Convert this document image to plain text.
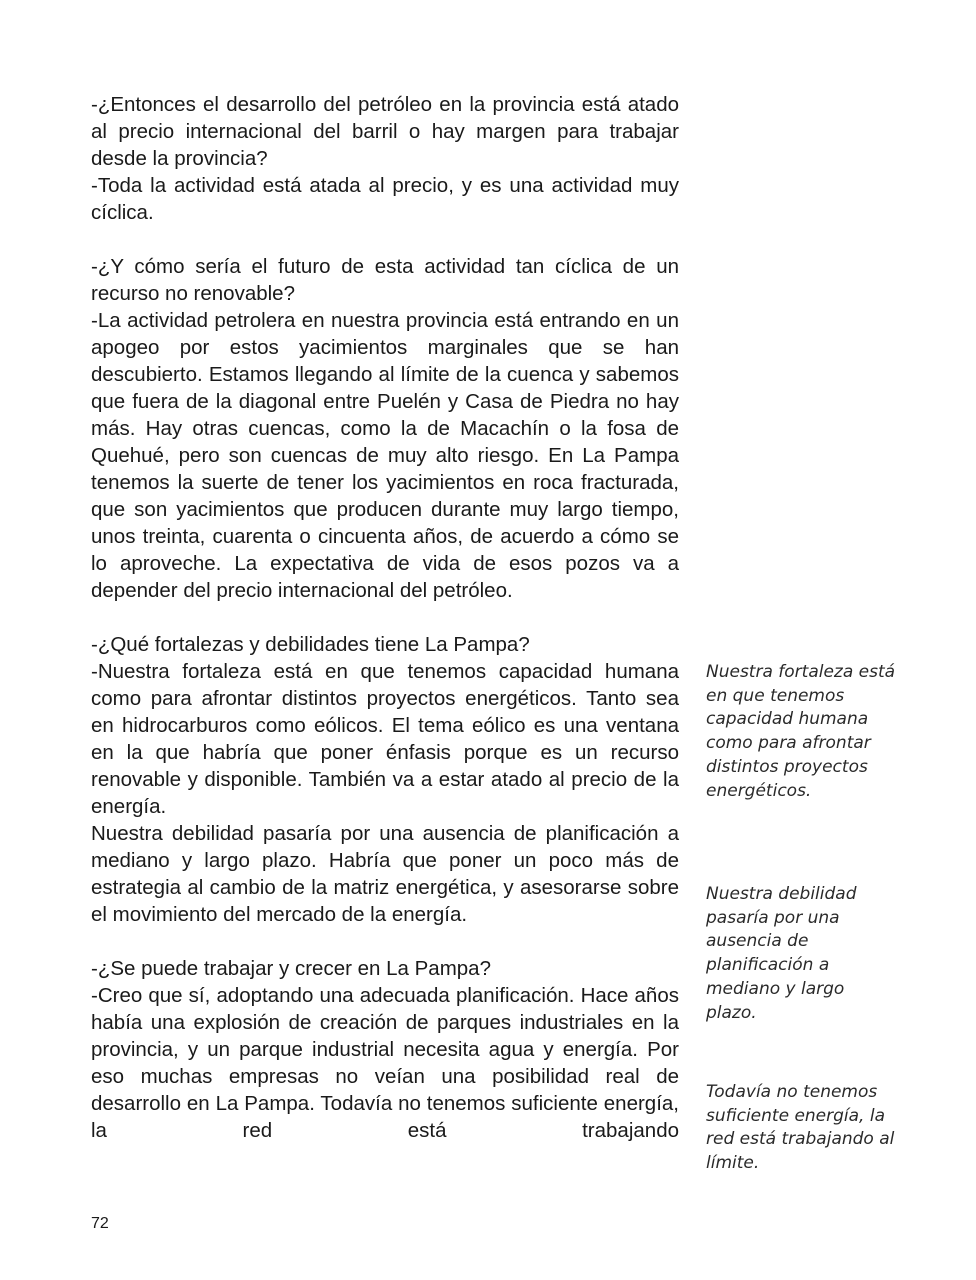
-¿Entonces el desarrollo del petróleo en la provincia está atado al precio internacional del barril o hay margen para trabajar desde la provincia?

-Toda la actividad está atada al precio, y es una actividad muy cíclica.

-¿Y cómo sería el futuro de esta actividad tan cíclica de un recurso no renovable?

-La actividad petrolera en nuestra provincia está entrando en un apogeo por estos yacimientos marginales que se han descubierto. Estamos llegando al límite de la cuenca y sabemos que fuera de la diagonal entre Puelén y Casa de Piedra no hay más. Hay otras cuencas, como la de Macachín o la fosa de Quehué, pero son cuencas de muy alto riesgo. En La Pampa tenemos la suerte de tener los yacimientos en roca fracturada, que son yacimientos que producen durante muy largo tiempo, unos treinta, cuarenta o cincuenta años, de acuerdo a cómo se lo aproveche. La expectativa de vida de esos pozos va a depender del precio internacional del petróleo.

-¿Qué fortalezas y debilidades tiene La Pampa?

-Nuestra fortaleza está en que tenemos capacidad humana como para afrontar distintos proyectos energéticos. Tanto sea en hidrocarburos como eólicos. El tema eólico es una ventana en la que habría que poner énfasis porque es un recurso renovable y disponible. También va a estar atado al precio de la energía.

Nuestra debilidad pasaría por una ausencia de planificación a mediano y largo plazo. Habría que poner un poco más de estrategia al cambio de la matriz energética, y asesorarse sobre el movimiento del mercado de la energía.

-¿Se puede trabajar y crecer en La Pampa?

-Creo que sí, adoptando una adecuada planificación. Hace años había una explosión de creación de parques industriales en la provincia, y un parque industrial necesita agua y energía. Por eso muchas empresas no veían una posibilidad real de desarrollo en La Pampa. Todavía no tenemos suficiente energía, la red está trabajando

Nuestra fortaleza está en que tenemos capacidad humana como para afrontar distintos proyectos energéticos.

Nuestra debilidad pasaría por una ausencia de planificación a mediano y largo plazo.

Todavía no tenemos suficiente energía, la red está trabajando al límite.

72
